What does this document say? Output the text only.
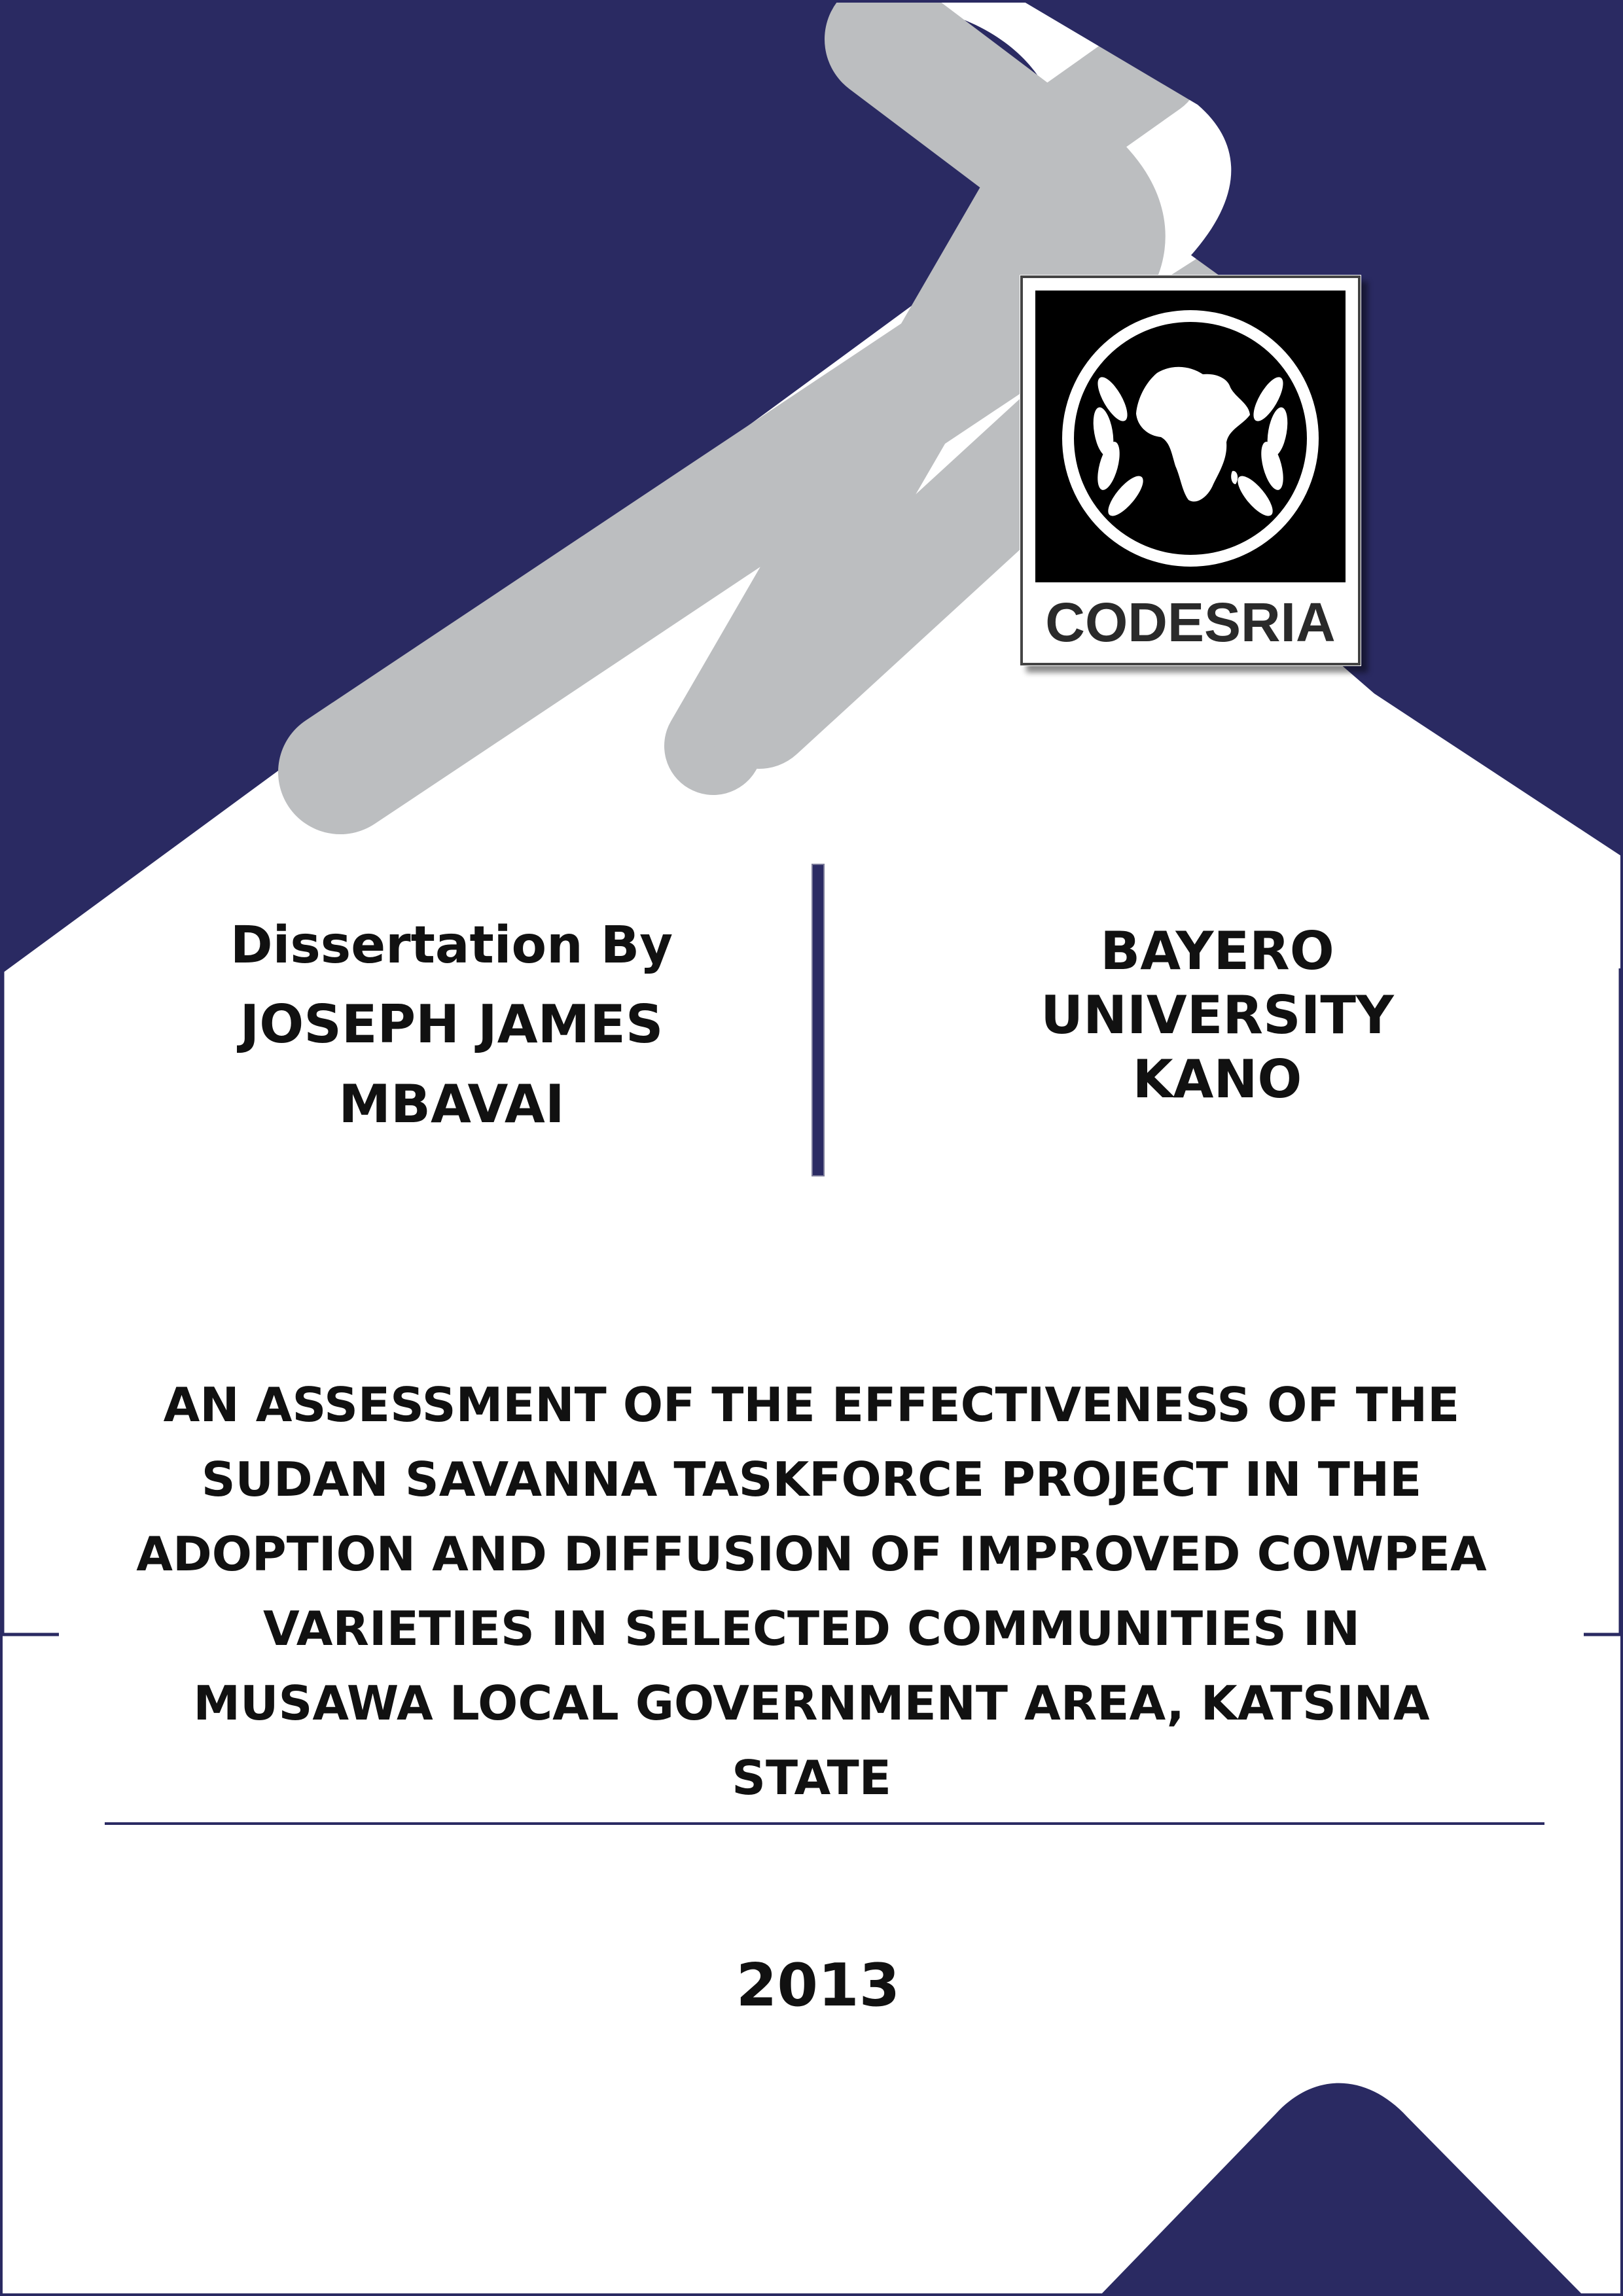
CODESRIA
Dissertation By
JOSEPH JAMES
MBAVAI
BAYERO
UNIVERSITY
KANO
AN ASSESSMENT OF THE EFFECTIVENESS OF THE
SUDAN SAVANNA TASKFORCE PROJECT IN THE
ADOPTION AND DIFFUSION OF IMPROVED COWPEA
VARIETIES IN SELECTED COMMUNITIES IN
MUSAWA LOCAL GOVERNMENT AREA, KATSINA
STATE
2013
